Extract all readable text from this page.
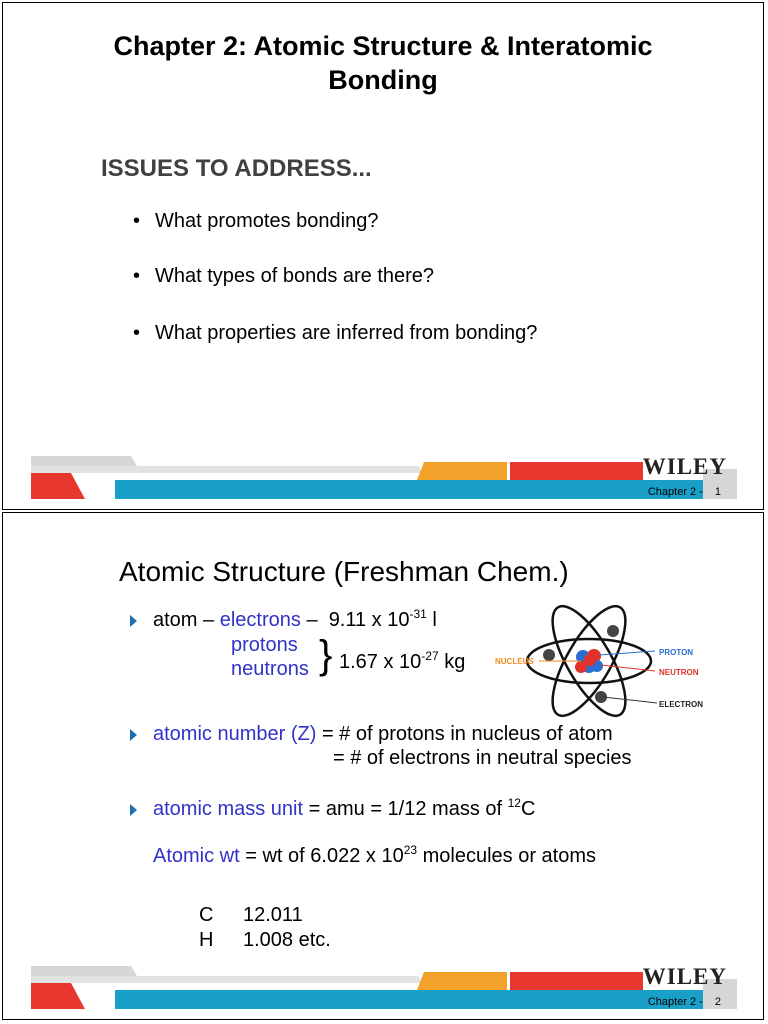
Chapter 2: Atomic Structure & Interatomic
Bonding
ISSUES TO ADDRESS...
• What promotes bonding?
• What types of bonds are there?
• What properties are inferred from bonding?
WILEY
Chapter 2 - 1
Atomic Structure (Freshman Chem.)
atom – electrons – 9.11 x $10^{-31}$ l
protons
neutrons } 1.67 x $10^{-27}$ kg	NUCLEUS
PROTON
NEUTRON
ELECTRON
atomic number (Z) = # of protons in nucleus of atom
= # of electrons in neutral species
atomic mass unit = amu = 1/12 mass of $^{12}$C
Atomic wt = wt of 6.022 x $10^{23}$ molecules or atoms
C 12.011
H 1.008 etc.
WILEY
Chapter 2 - 2
